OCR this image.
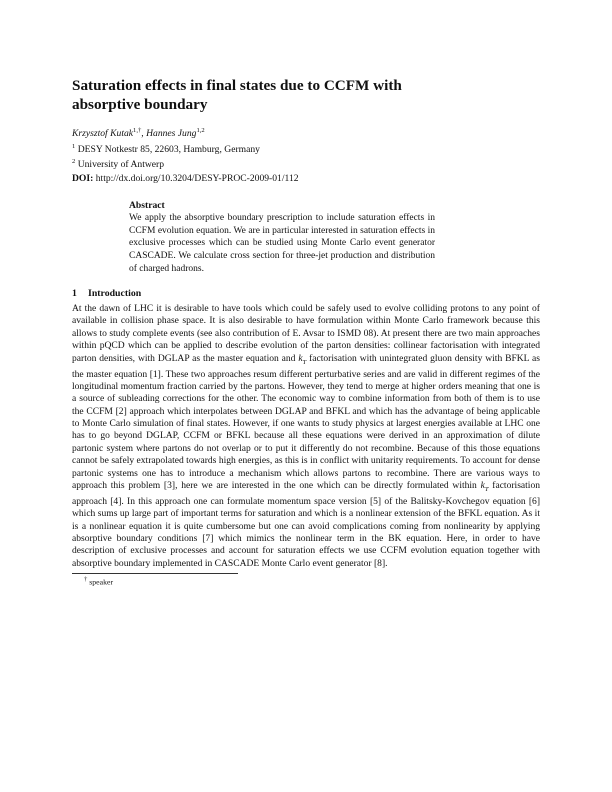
Saturation effects in final states due to CCFM with absorptive boundary
Krzysztof Kutak$^{1,\dagger}$, Hannes Jung$^{1,2}$
$^1$ DESY Notkestr 85, 22603, Hamburg, Germany
$^2$ University of Antwerp
DOI: http://dx.doi.org/10.3204/DESY-PROC-2009-01/112
Abstract
We apply the absorptive boundary prescription to include saturation effects in CCFM evolution equation. We are in particular interested in saturation effects in exclusive processes which can be studied using Monte Carlo event generator CASCADE. We calculate cross section for three-jet production and distribution of charged hadrons.
1 Introduction
At the dawn of LHC it is desirable to have tools which could be safely used to evolve colliding protons to any point of available in collision phase space. It is also desirable to have formulation within Monte Carlo framework because this allows to study complete events (see also contribution of E. Avsar to ISMD 08). At present there are two main approaches within pQCD which can be applied to describe evolution of the parton densities: collinear factorisation with integrated parton densities, with DGLAP as the master equation and $k_T$ factorisation with unintegrated gluon density with BFKL as the master equation [1]. These two approaches resum different perturbative series and are valid in different regimes of the longitudinal momentum fraction carried by the partons. However, they tend to merge at higher orders meaning that one is a source of subleading corrections for the other. The economic way to combine information from both of them is to use the CCFM [2] approach which interpolates between DGLAP and BFKL and which has the advantage of being applicable to Monte Carlo simulation of final states. However, if one wants to study physics at largest energies available at LHC one has to go beyond DGLAP, CCFM or BFKL because all these equations were derived in an approximation of dilute partonic system where partons do not overlap or to put it differently do not recombine. Because of this those equations cannot be safely extrapolated towards high energies, as this is in conflict with unitarity requirements. To account for dense partonic systems one has to introduce a mechanism which allows partons to recombine. There are various ways to approach this problem [3], here we are interested in the one which can be directly formulated within $k_T$ factorisation approach [4]. In this approach one can formulate momentum space version [5] of the Balitsky-Kovchegov equation [6] which sums up large part of important terms for saturation and which is a nonlinear extension of the BFKL equation. As it is a nonlinear equation it is quite cumbersome but one can avoid complications coming from nonlinearity by applying absorptive boundary conditions [7] which mimics the nonlinear term in the BK equation. Here, in order to have description of exclusive processes and account for saturation effects we use CCFM evolution equation together with absorptive boundary implemented in CASCADE Monte Carlo event generator [8].
† speaker
